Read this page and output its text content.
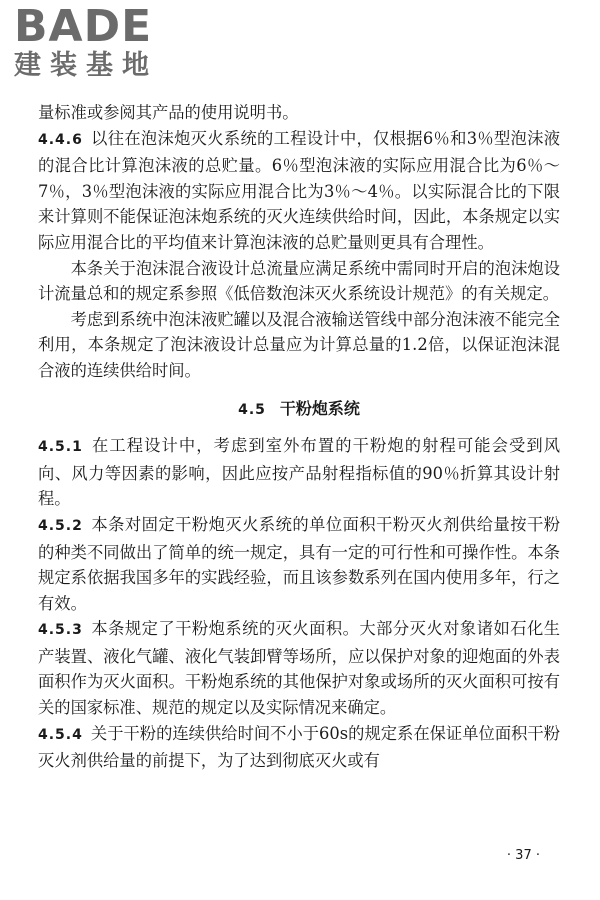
BADE
建装基地

量标准或参阅其产品的使用说明书。

4.4.6 以往在泡沫炮灭火系统的工程设计中，仅根据6％和3％型泡沫液的混合比计算泡沫液的总贮量。6％型泡沫液的实际应用混合比为6％～7％，3％型泡沫液的实际应用混合比为3％～4％。以实际混合比的下限来计算则不能保证泡沫炮系统的灭火连续供给时间，因此，本条规定以实际应用混合比的平均值来计算泡沫液的总贮量则更具有合理性。

本条关于泡沫混合液设计总流量应满足系统中需同时开启的泡沫炮设计流量总和的规定系参照《低倍数泡沫灭火系统设计规范》的有关规定。

考虑到系统中泡沫液贮罐以及混合液输送管线中部分泡沫液不能完全利用，本条规定了泡沫液设计总量应为计算总量的1.2倍，以保证泡沫混合液的连续供给时间。

4.5 干粉炮系统

4.5.1 在工程设计中，考虑到室外布置的干粉炮的射程可能会受到风向、风力等因素的影响，因此应按产品射程指标值的90％折算其设计射程。

4.5.2 本条对固定干粉炮灭火系统的单位面积干粉灭火剂供给量按干粉的种类不同做出了简单的统一规定，具有一定的可行性和可操作性。本条规定系依据我国多年的实践经验，而且该参数系列在国内使用多年，行之有效。

4.5.3 本条规定了干粉炮系统的灭火面积。大部分灭火对象诸如石化生产装置、液化气罐、液化气装卸臂等场所，应以保护对象的迎炮面的外表面积作为灭火面积。干粉炮系统的其他保护对象或场所的灭火面积可按有关的国家标准、规范的规定以及实际情况来确定。

4.5.4 关于干粉的连续供给时间不小于60s的规定系在保证单位面积干粉灭火剂供给量的前提下，为了达到彻底灭火或有

· 37 ·
